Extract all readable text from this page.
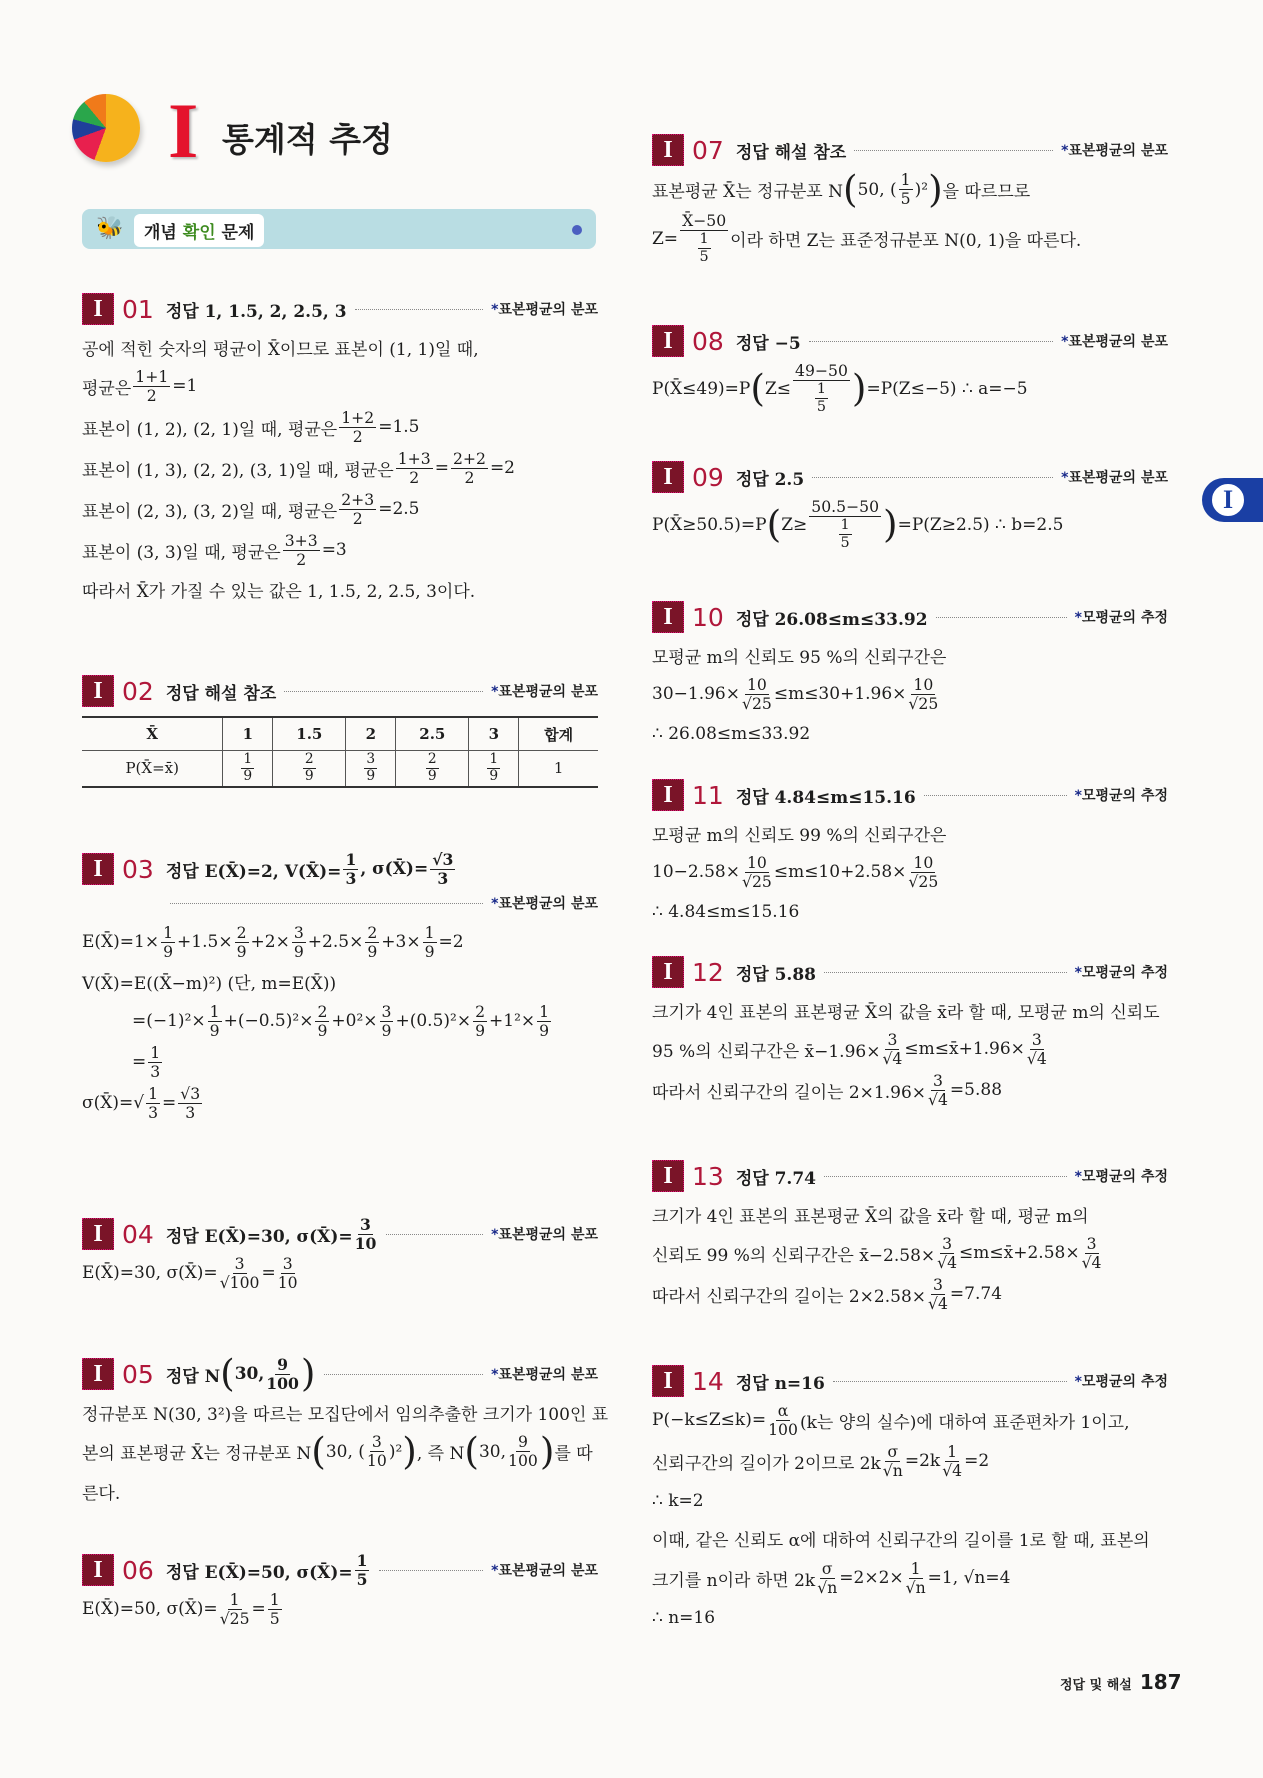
I 통계적 추정
🐝	개념 확인 문제
I 01 정답 1, 1.5, 2, 2.5, 3	*표본평균의 분포
공에 적힌 숫자의 평균이 X̄이므로 표본이 (1, 1)일 때,
평균은 $\frac{1+1}{2} =1$
표본이 (1, 2), (2, 1)일 때, 평균은 $\frac{1+2}{2} =1.5$
표본이 (1, 3), (2, 2), (3, 1)일 때, 평균은 $\frac{1+3}{2} = \frac{2+2}{2} =2$
표본이 (2, 3), (3, 2)일 때, 평균은 $\frac{2+3}{2} =2.5$
표본이 (3, 3)일 때, 평균은 $\frac{3+3}{2} =3$
따라서 X̄가 가질 수 있는 값은 1, 1.5, 2, 2.5, 3이다.
I 02 정답 해설 참조	*표본평균의 분포
X̄	1	1.5	2	2.5	3	합계
P(X̄=x̄)	$\frac{1}{9}$	$\frac{2}{9}$	$\frac{3}{9}$	$\frac{2}{9}$	$\frac{1}{9}$	1
I 03 정답 E(X̄)=2, V(X̄)= $\frac{1}{3}$ , σ(X̄)= $\frac{√3}{3}$
*표본평균의 분포
E(X̄)=1× $\frac{1}{9} +1.5\times \frac{2}{9} +2\times \frac{3}{9} +2.5\times \frac{2}{9} +3\times \frac{1}{9} =2$
V(X̄)=E((X̄−m)²) (단, m=E(X̄))
$=(-1)^2\times \frac{1}{9} +(-0.5)^2\times \frac{2}{9} +0^2\times \frac{3}{9} +(0.5)^2\times \frac{2}{9} +1^2\times \frac{1}{9}$
= $\frac{1}{3}$
σ(X̄)=√ $\frac{1}{3} = \frac{√3}{3}$
I 04 정답 E(X̄)=30, σ(X̄)= $\frac{3}{10}$	*표본평균의 분포
E(X̄)=30, σ(X̄)= $\frac{3}{√100} = \frac{3}{10}$
I 05 정답 N ( 30, $\frac{9}{100}$ )	*표본평균의 분포
정규분포 N(30, 3²)을 따르는 모집단에서 임의추출한 크기가 100인 표
본의 표본평균 X̄는 정규분포 N ( 30, ( $\frac{3}{10} )^2$ ) , 즉 N ( 30, $\frac{9}{100}$ ) 를 따
른다.
I 06 정답 E(X̄)=50, σ(X̄)= $\frac{1}{5}$	*표본평균의 분포
E(X̄)=50, σ(X̄)= $\frac{1}{√25} = \frac{1}{5}$
I 07 정답 해설 참조	*표본평균의 분포
표본평균 X̄는 정규분포 N ( 50, ( $\frac{1}{5} )^2$ ) 을 따르므로
$Z= \frac{X̄-50}{\frac{1}{5}}$ 이라 하면 Z는 표준정규분포 N(0, 1)을 따른다.
I 08 정답 −5	*표본평균의 분포
P(X̄≤49)=P ( $Z\le \frac{49-50}{\frac{1}{5}}$ ) =P(Z≤−5) ∴ a=−5
I 09 정답 2.5	*표본평균의 분포
P(X̄≥50.5)=P ( $Z\ge \frac{50.5-50}{\frac{1}{5}}$ ) =P(Z≥2.5) ∴ b=2.5
I 10 정답 26.08≤m≤33.92	*모평균의 추정
모평균 m의 신뢰도 95 %의 신뢰구간은
$30-1.96\times \frac{10}{√25} \le m\le 30+1.96\times \frac{10}{√25}$
∴ 26.08≤m≤33.92
I 11 정답 4.84≤m≤15.16	*모평균의 추정
모평균 m의 신뢰도 99 %의 신뢰구간은
$10-2.58\times \frac{10}{√25} \le m\le 10+2.58\times \frac{10}{√25}$
∴ 4.84≤m≤15.16
I 12 정답 5.88	*모평균의 추정
크기가 4인 표본의 표본평균 X̄의 값을 x̄라 할 때, 모평균 m의 신뢰도
95 %의 신뢰구간은 x̄−1.96× $\frac{3}{√4}$ ≤m≤x̄+1.96× $\frac{3}{√4}$
따라서 신뢰구간의 길이는 $2\times 1.96\times \frac{3}{√4} =5.88$
I 13 정답 7.74	*모평균의 추정
크기가 4인 표본의 표본평균 X̄의 값을 x̄라 할 때, 평균 m의
신뢰도 99 %의 신뢰구간은 x̄−2.58× $\frac{3}{√4}$ ≤m≤x̄+2.58× $\frac{3}{√4}$
따라서 신뢰구간의 길이는 $2\times 2.58\times \frac{3}{√4} =7.74$
I 14 정답 n=16	*모평균의 추정
$P(-k\le Z\le k)= \frac{\alpha}{100} (k$는 양의 실수)에 대하여 표준편차가 1이고,
신뢰구간의 길이가 2이므로 $2k \frac{\sigma}{√n} =2k \frac{1}{√4} =2$
∴ k=2
이때, 같은 신뢰도 α에 대하여 신뢰구간의 길이를 1로 할 때, 표본의
크기를 n이라 하면 $2k \frac{\sigma}{√n} =2\times 2\times \frac{1}{√n} =1$, √n=4
∴ n=16
I
정답 및 해설 187
